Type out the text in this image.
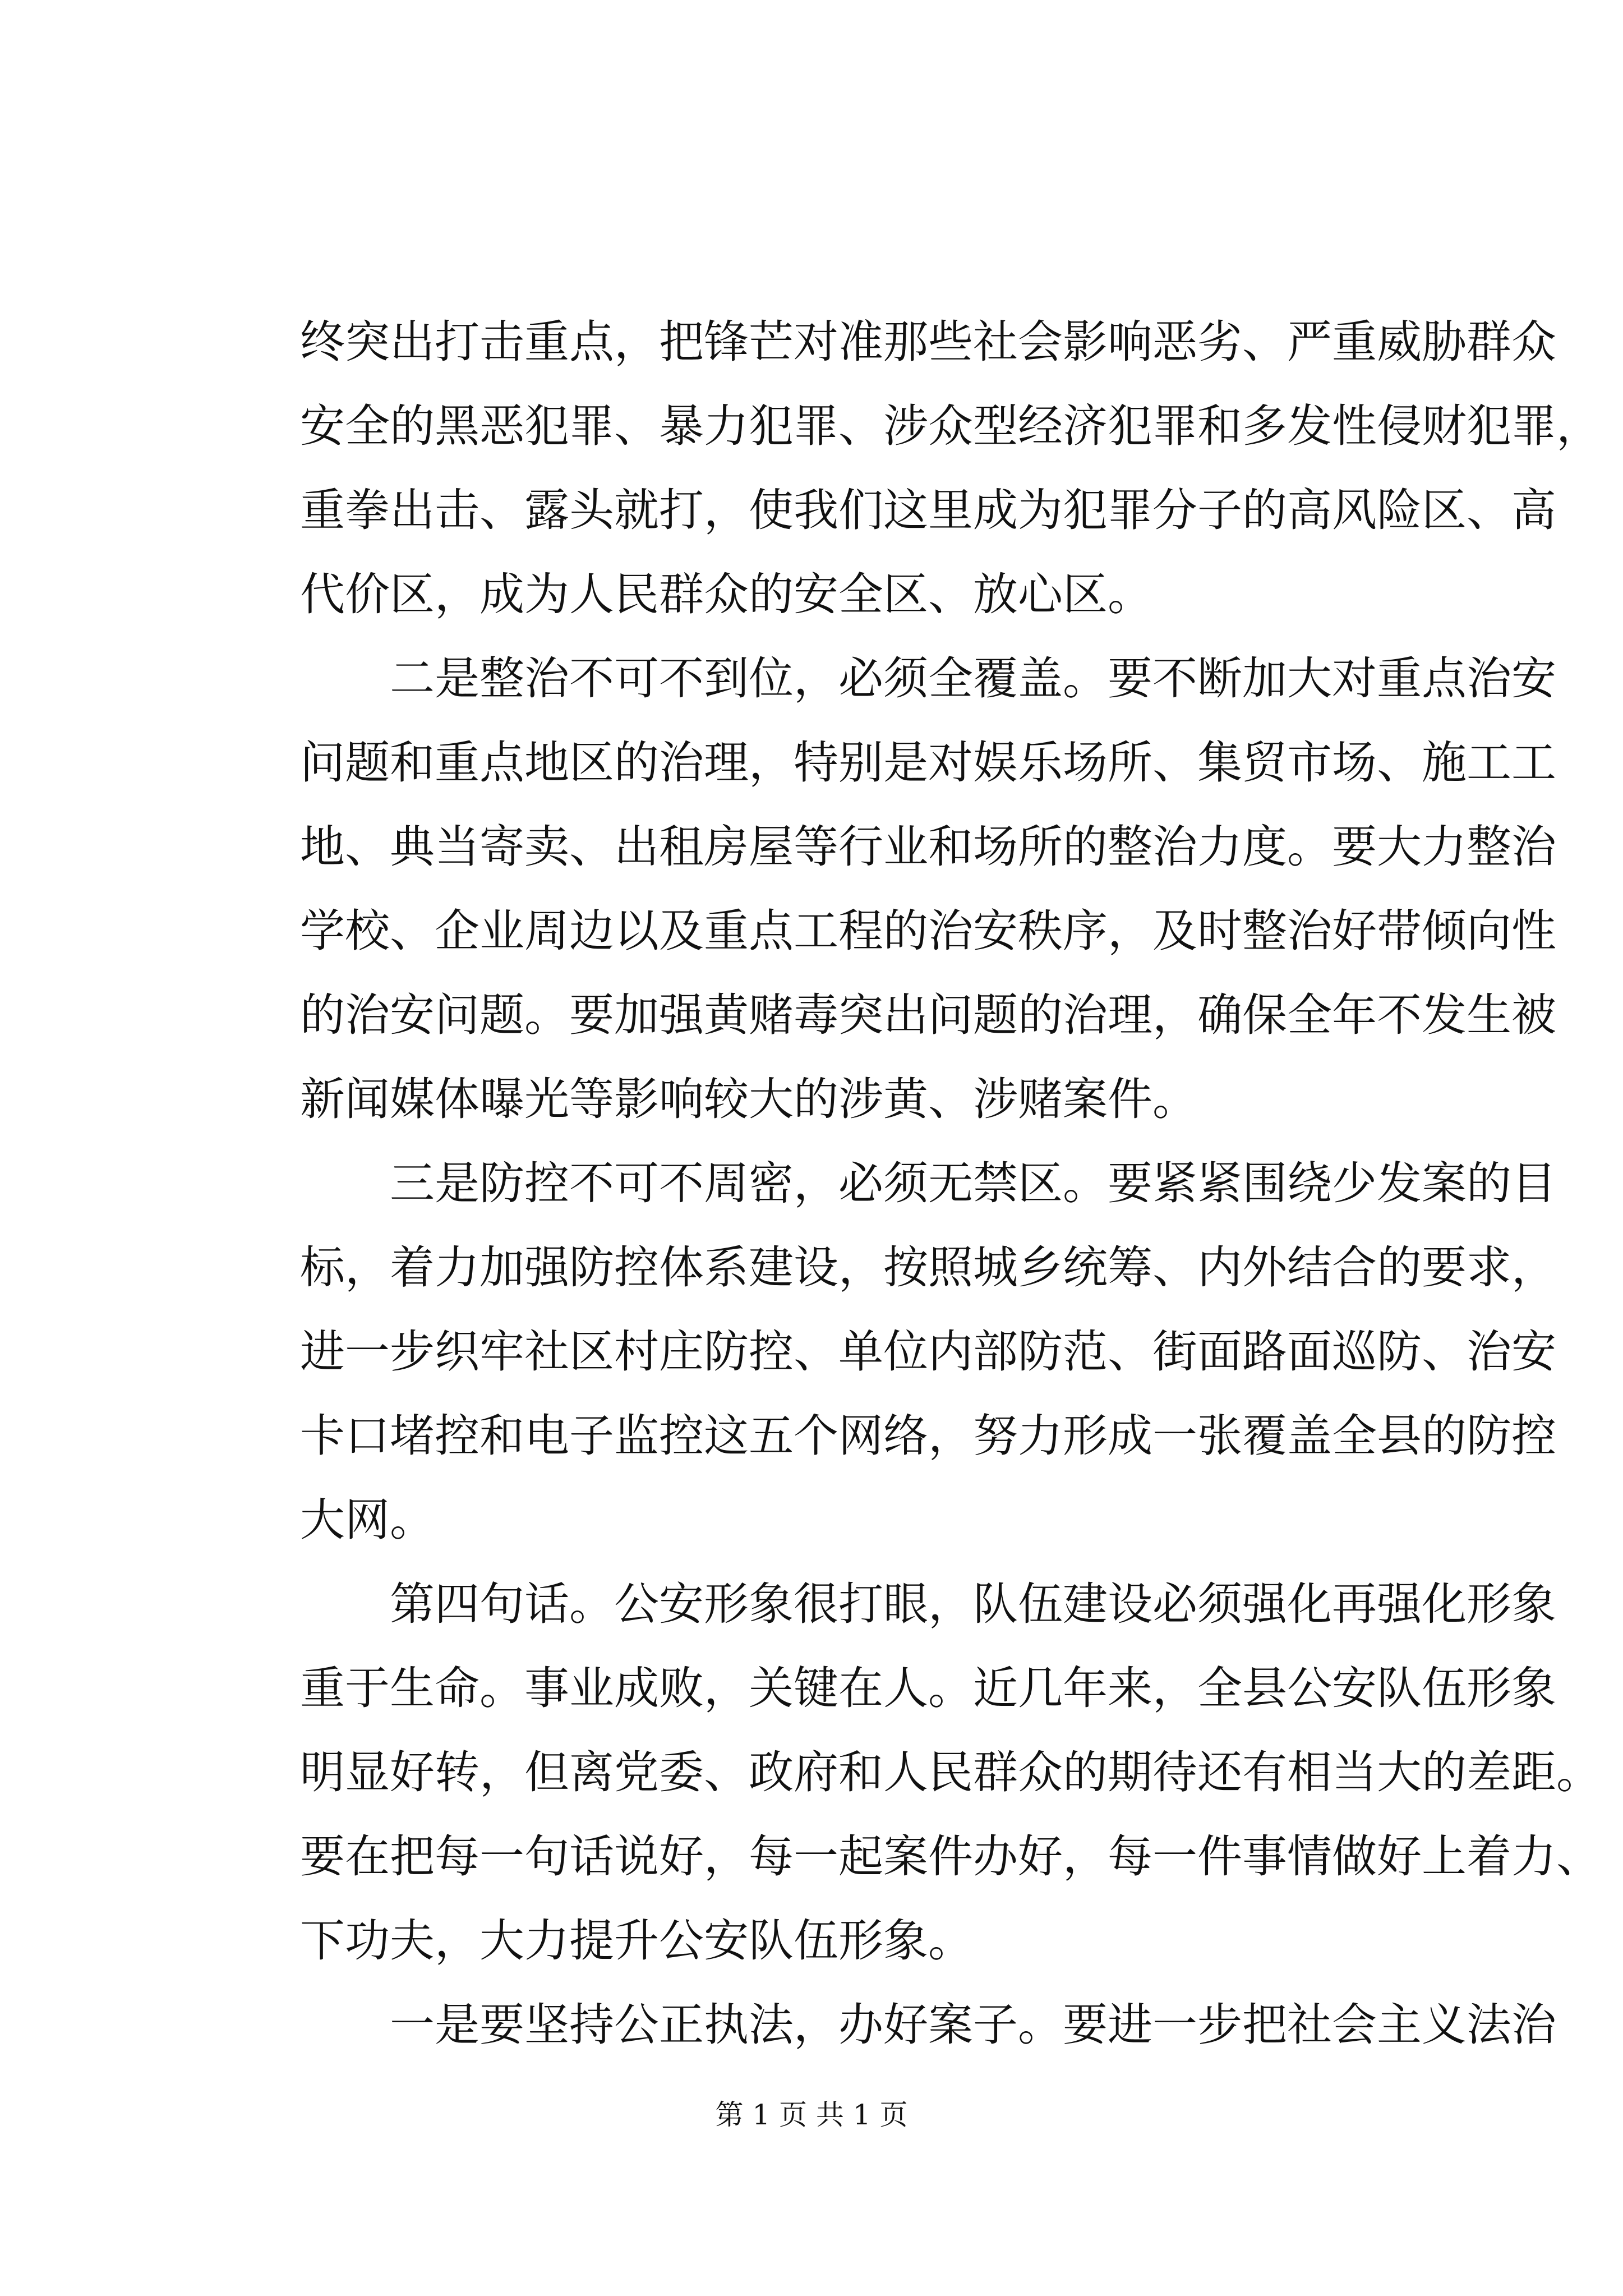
终突出打击重点，把锋芒对准那些社会影响恶劣、严重威胁群众
安全的黑恶犯罪、暴力犯罪、涉众型经济犯罪和多发性侵财犯罪，
重拳出击、露头就打，使我们这里成为犯罪分子的高风险区、高
代价区，成为人民群众的安全区、放心区。
二是整治不可不到位，必须全覆盖。要不断加大对重点治安
问题和重点地区的治理，特别是对娱乐场所、集贸市场、施工工
地、典当寄卖、出租房屋等行业和场所的整治力度。要大力整治
学校、企业周边以及重点工程的治安秩序，及时整治好带倾向性
的治安问题。要加强黄赌毒突出问题的治理，确保全年不发生被
新闻媒体曝光等影响较大的涉黄、涉赌案件。
三是防控不可不周密，必须无禁区。要紧紧围绕少发案的目
标，着力加强防控体系建设，按照城乡统筹、内外结合的要求，
进一步织牢社区村庄防控、单位内部防范、街面路面巡防、治安
卡口堵控和电子监控这五个网络，努力形成一张覆盖全县的防控
大网。
第四句话。公安形象很打眼，队伍建设必须强化再强化形象
重于生命。事业成败，关键在人。近几年来，全县公安队伍形象
明显好转，但离党委、政府和人民群众的期待还有相当大的差距。
要在把每一句话说好，每一起案件办好，每一件事情做好上着力、
下功夫，大力提升公安队伍形象。
一是要坚持公正执法，办好案子。要进一步把社会主义法治
第 1 页 共 1 页
